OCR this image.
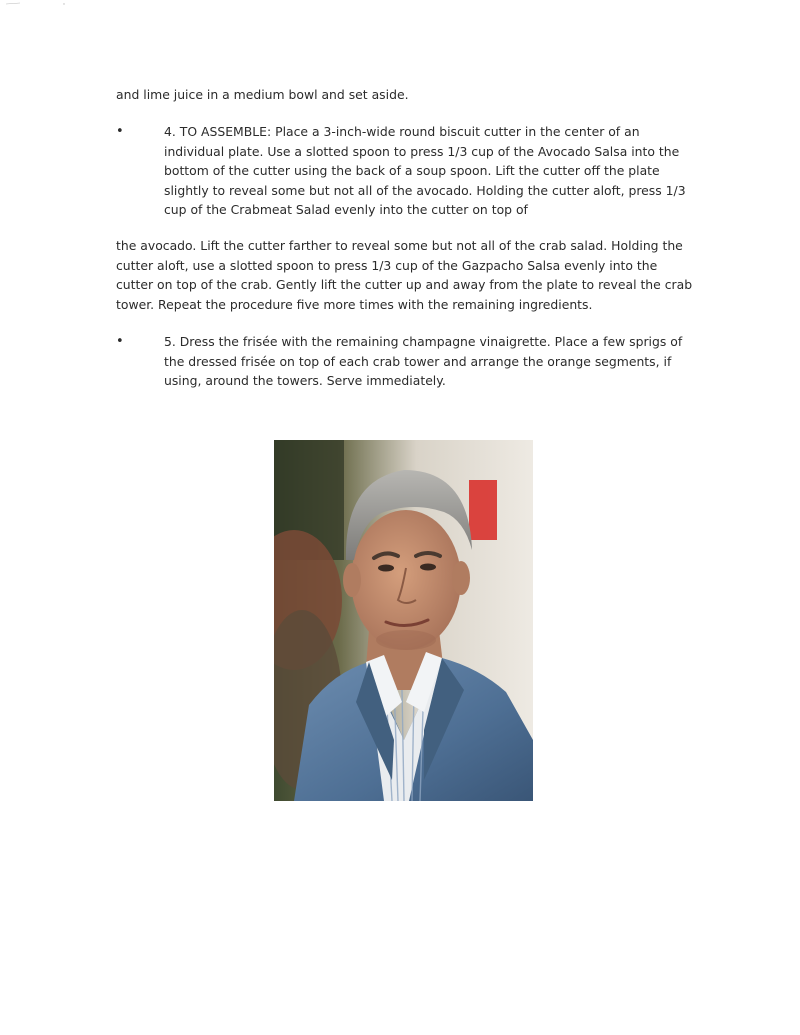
and lime juice in a medium bowl and set aside.

•	4. TO ASSEMBLE: Place a 3-inch-wide round biscuit cutter in the center of an individual plate. Use a slotted spoon to press 1/3 cup of the Avocado Salsa into the bottom of the cutter using the back of a soup spoon. Lift the cutter off the plate slightly to reveal some but not all of the avocado. Holding the cutter aloft, press 1/3 cup of the Crabmeat Salad evenly into the cutter on top of

the avocado. Lift the cutter farther to reveal some but not all of the crab salad. Holding the cutter aloft, use a slotted spoon to press 1/3 cup of the Gazpacho Salsa evenly into the cutter on top of the crab. Gently lift the cutter up and away from the plate to reveal the crab tower. Repeat the procedure five more times with the remaining ingredients.

•	5. Dress the frisée with the remaining champagne vinaigrette. Place a few sprigs of the dressed frisée on top of each crab tower and arrange the orange segments, if using, around the towers. Serve immediately.
